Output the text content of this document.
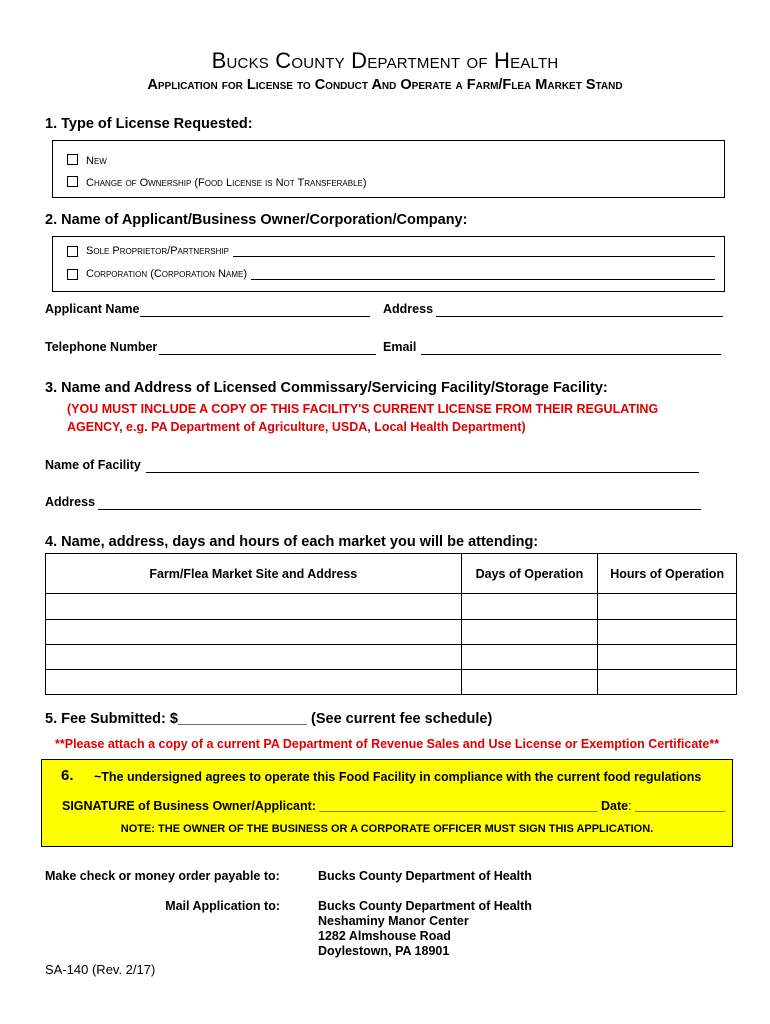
Bucks County Department of Health
Application for License to Conduct And Operate a Farm/Flea Market Stand
1. Type of License Requested:
New
Change of Ownership (Food License is Not Transferable)
2. Name of Applicant/Business Owner/Corporation/Company:
Sole Proprietor/Partnership
Corporation (Corporation Name)
Applicant Name	Address
Telephone Number	Email
3. Name and Address of Licensed Commissary/Servicing Facility/Storage Facility:
(YOU MUST INCLUDE A COPY OF THIS FACILITY'S CURRENT LICENSE FROM THEIR REGULATING
AGENCY, e.g. PA Department of Agriculture, USDA, Local Health Department)
Name of Facility
Address
4. Name, address, days and hours of each market you will be attending:
Farm/Flea Market Site and Address	Days of Operation	Hours of Operation

5. Fee Submitted: $________________ (See current fee schedule)
**Please attach a copy of a current PA Department of Revenue Sales and Use License or Exemption Certificate**
6. ~The undersigned agrees to operate this Food Facility in compliance with the current food regulations
SIGNATURE of Business Owner/Applicant: ________________________________________ Date: _____________
NOTE: THE OWNER OF THE BUSINESS OR A CORPORATE OFFICER MUST SIGN THIS APPLICATION.
Make check or money order payable to:	Bucks County Department of Health
Mail Application to:	Bucks County Department of Health
Neshaminy Manor Center
1282 Almshouse Road
Doylestown, PA 18901
SA-140 (Rev. 2/17)
